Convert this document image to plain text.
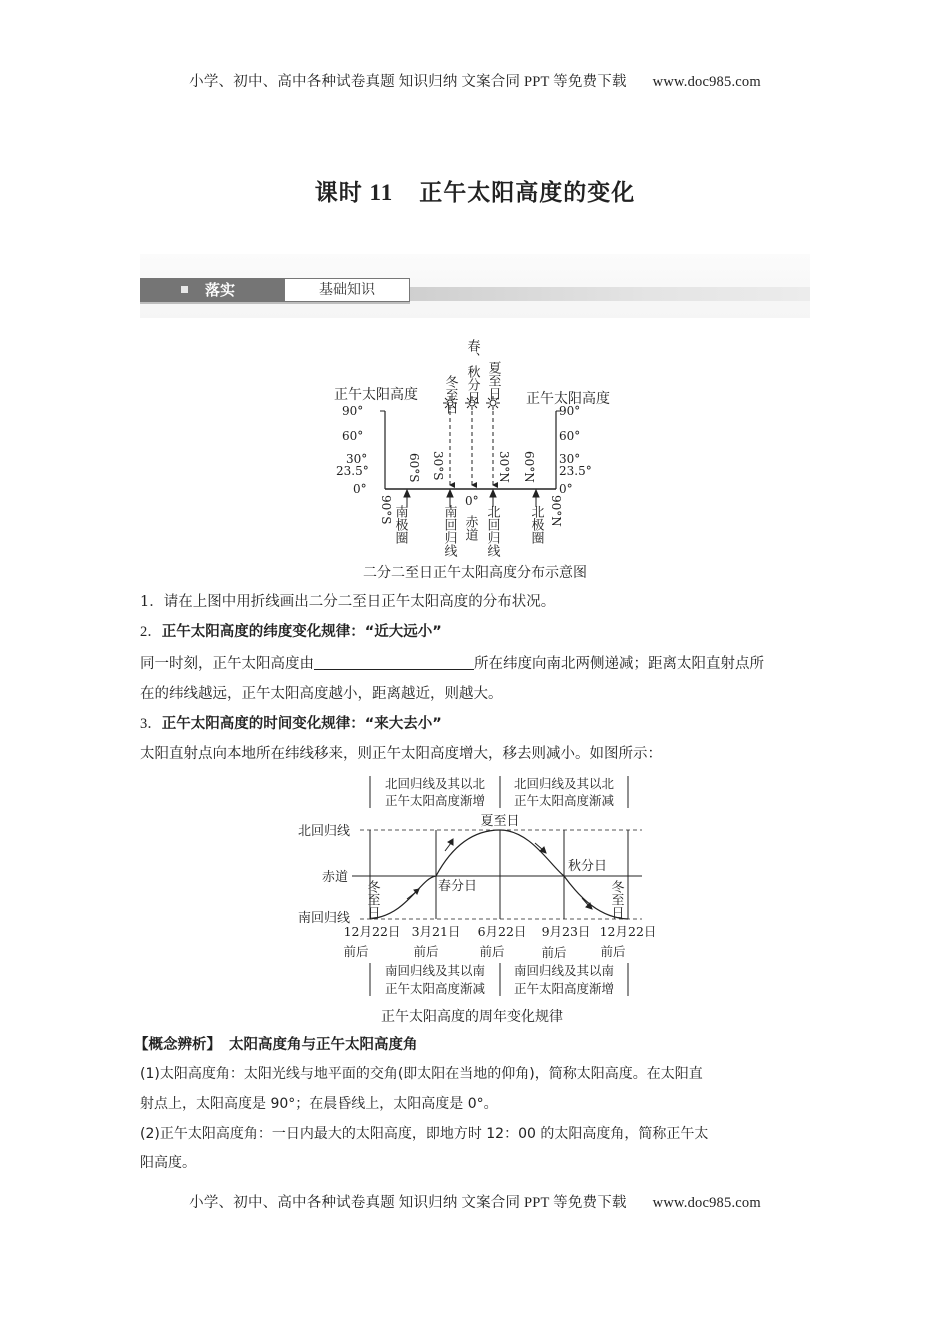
小学、初中、高中各种试卷真题 知识归纳 文案合同 PPT 等免费下载 www.doc985.com
课时 11 正午太阳高度的变化
落实	基础知识
正午太阳高度	正午太阳高度
90°
60°
30°
23.5°
0°
90°
60°
30°
23.5°
0°
冬至日 春、秋分日 夏至日
60°S 30°S	30°N 60°N
90°S	90°N
0°
南极圈	南回归线 赤道 北回归线 北极圈
二分二至日正午太阳高度分布示意图
1．请在上图中用折线画出二分二至日正午太阳高度的分布状况。
2．正午太阳高度的纬度变化规律：“近大远小”
同一时刻，正午太阳高度由	所在纬度向南北两侧递减；距离太阳直射点所
在的纬线越远，正午太阳高度越小，距离越近，则越大。
3．正午太阳高度的时间变化规律：“来大去小”
太阳直射点向本地所在纬线移来，则正午太阳高度增大，移去则减小。如图所示：
北回归线及其以北
正午太阳高度渐增
北回归线及其以北
正午太阳高度渐减
北回归线
赤道
南回归线 冬至日	春分日
夏至日
秋分日
冬至日
12月22日 3月21日 6月22日 9月23日 12月22日
前后	前后	前后	前后	前后
南回归线及其以南
正午太阳高度渐减
南回归线及其以南
正午太阳高度渐增
正午太阳高度的周年变化规律
【概念辨析】 太阳高度角与正午太阳高度角
(1)太阳高度角：太阳光线与地平面的交角(即太阳在当地的仰角)，简称太阳高度。在太阳直
射点上，太阳高度是 90°；在晨昏线上，太阳高度是 0°。
(2)正午太阳高度角：一日内最大的太阳高度，即地方时 12：00 的太阳高度角，简称正午太
阳高度。
小学、初中、高中各种试卷真题 知识归纳 文案合同 PPT 等免费下载 www.doc985.com
